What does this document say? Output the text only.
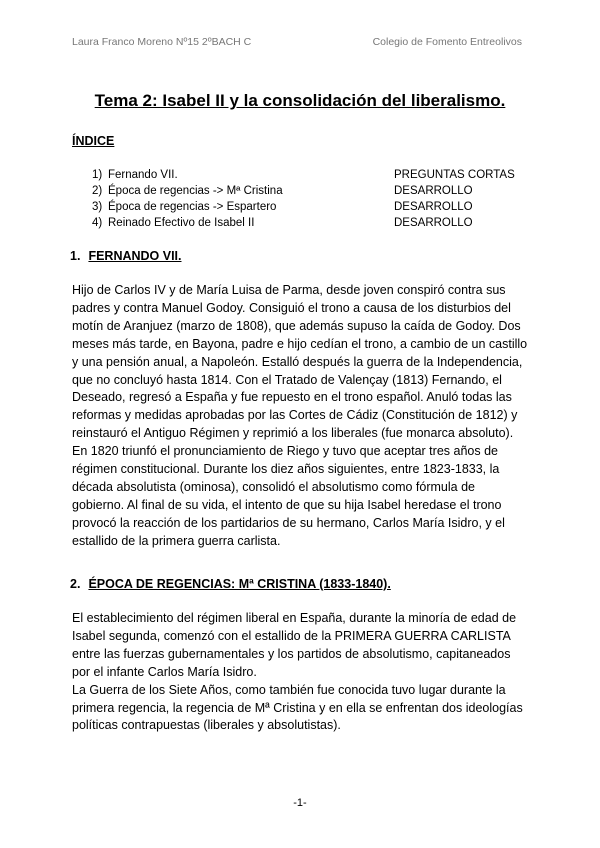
Laura Franco Moreno Nº15 2ºBACH C	Colegio de Fomento Entreolivos
Tema 2: Isabel II y la consolidación del liberalismo.
ÍNDICE
1) Fernando VII.	PREGUNTAS CORTAS
2) Época de regencias -> Mª Cristina	DESARROLLO
3) Época de regencias -> Espartero	DESARROLLO
4) Reinado Efectivo de Isabel II	DESARROLLO
1. FERNANDO VII.

Hijo de Carlos IV y de María Luisa de Parma, desde joven conspiró contra sus padres y contra Manuel Godoy. Consiguió el trono a causa de los disturbios del motín de Aranjuez (marzo de 1808), que además supuso la caída de Godoy. Dos meses más tarde, en Bayona, padre e hijo cedían el trono, a cambio de un castillo y una pensión anual, a Napoleón. Estalló después la guerra de la Independencia, que no concluyó hasta 1814. Con el Tratado de Valençay (1813) Fernando, el Deseado, regresó a España y fue repuesto en el trono español. Anuló todas las reformas y medidas aprobadas por las Cortes de Cádiz (Constitución de 1812) y reinstauró el Antiguo Régimen y reprimió a los liberales (fue monarca absoluto). En 1820 triunfó el pronunciamiento de Riego y tuvo que aceptar tres años de régimen constitucional. Durante los diez años siguientes, entre 1823-1833, la década absolutista (ominosa), consolidó el absolutismo como fórmula de gobierno. Al final de su vida, el intento de que su hija Isabel heredase el trono provocó la reacción de los partidarios de su hermano, Carlos María Isidro, y el estallido de la primera guerra carlista.

2. ÉPOCA DE REGENCIAS: Mª CRISTINA (1833-1840).

El establecimiento del régimen liberal en España, durante la minoría de edad de Isabel segunda, comenzó con el estallido de la PRIMERA GUERRA CARLISTA entre las fuerzas gubernamentales y los partidos de absolutismo, capitaneados por el infante Carlos María Isidro.

La Guerra de los Siete Años, como también fue conocida tuvo lugar durante la primera regencia, la regencia de Mª Cristina y en ella se enfrentan dos ideologías políticas contrapuestas (liberales y absolutistas).

-1-
